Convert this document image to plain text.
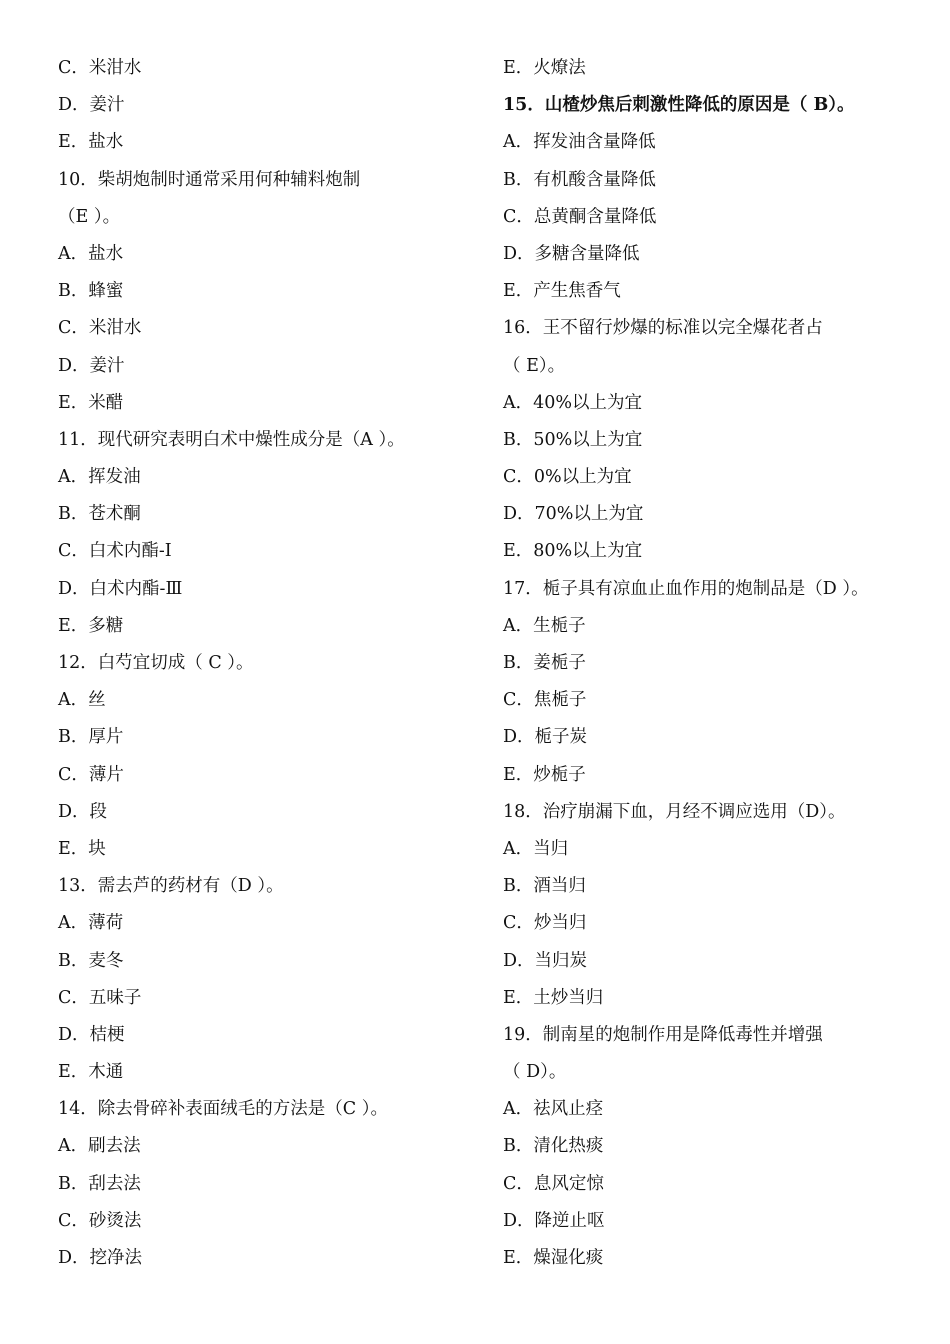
C．米泔水
D．姜汁
E．盐水
10．柴胡炮制时通常采用何种辅料炮制
（E ）。
A．盐水
B．蜂蜜
C．米泔水
D．姜汁
E．米醋
11．现代研究表明白术中燥性成分是（A ）。
A．挥发油
B．苍术酮
C．白术内酯-Ⅰ
D．白术内酯-Ⅲ
E．多糖
12．白芍宜切成（ C ）。
A．丝
B．厚片
C．薄片
D．段
E．块
13．需去芦的药材有（D ）。
A．薄荷
B．麦冬
C．五味子
D．桔梗
E．木通
14．除去骨碎补表面绒毛的方法是（C ）。
A．刷去法
B．刮去法
C．砂烫法
D．挖净法
E．火燎法
15．山楂炒焦后刺激性降低的原因是（ B）。
A．挥发油含量降低
B．有机酸含量降低
C．总黄酮含量降低
D．多糖含量降低
E．产生焦香气
16．王不留行炒爆的标准以完全爆花者占
（ E）。
A．40%以上为宜
B．50%以上为宜
C．0%以上为宜
D．70%以上为宜
E．80%以上为宜
17．栀子具有凉血止血作用的炮制品是（D ）。
A．生栀子
B．姜栀子
C．焦栀子
D．栀子炭
E．炒栀子
18．治疗崩漏下血，月经不调应选用（D）。
A．当归
B．酒当归
C．炒当归
D．当归炭
E．土炒当归
19．制南星的炮制作用是降低毒性并增强
（ D）。
A．祛风止痉
B．清化热痰
C．息风定惊
D．降逆止呕
E．燥湿化痰
